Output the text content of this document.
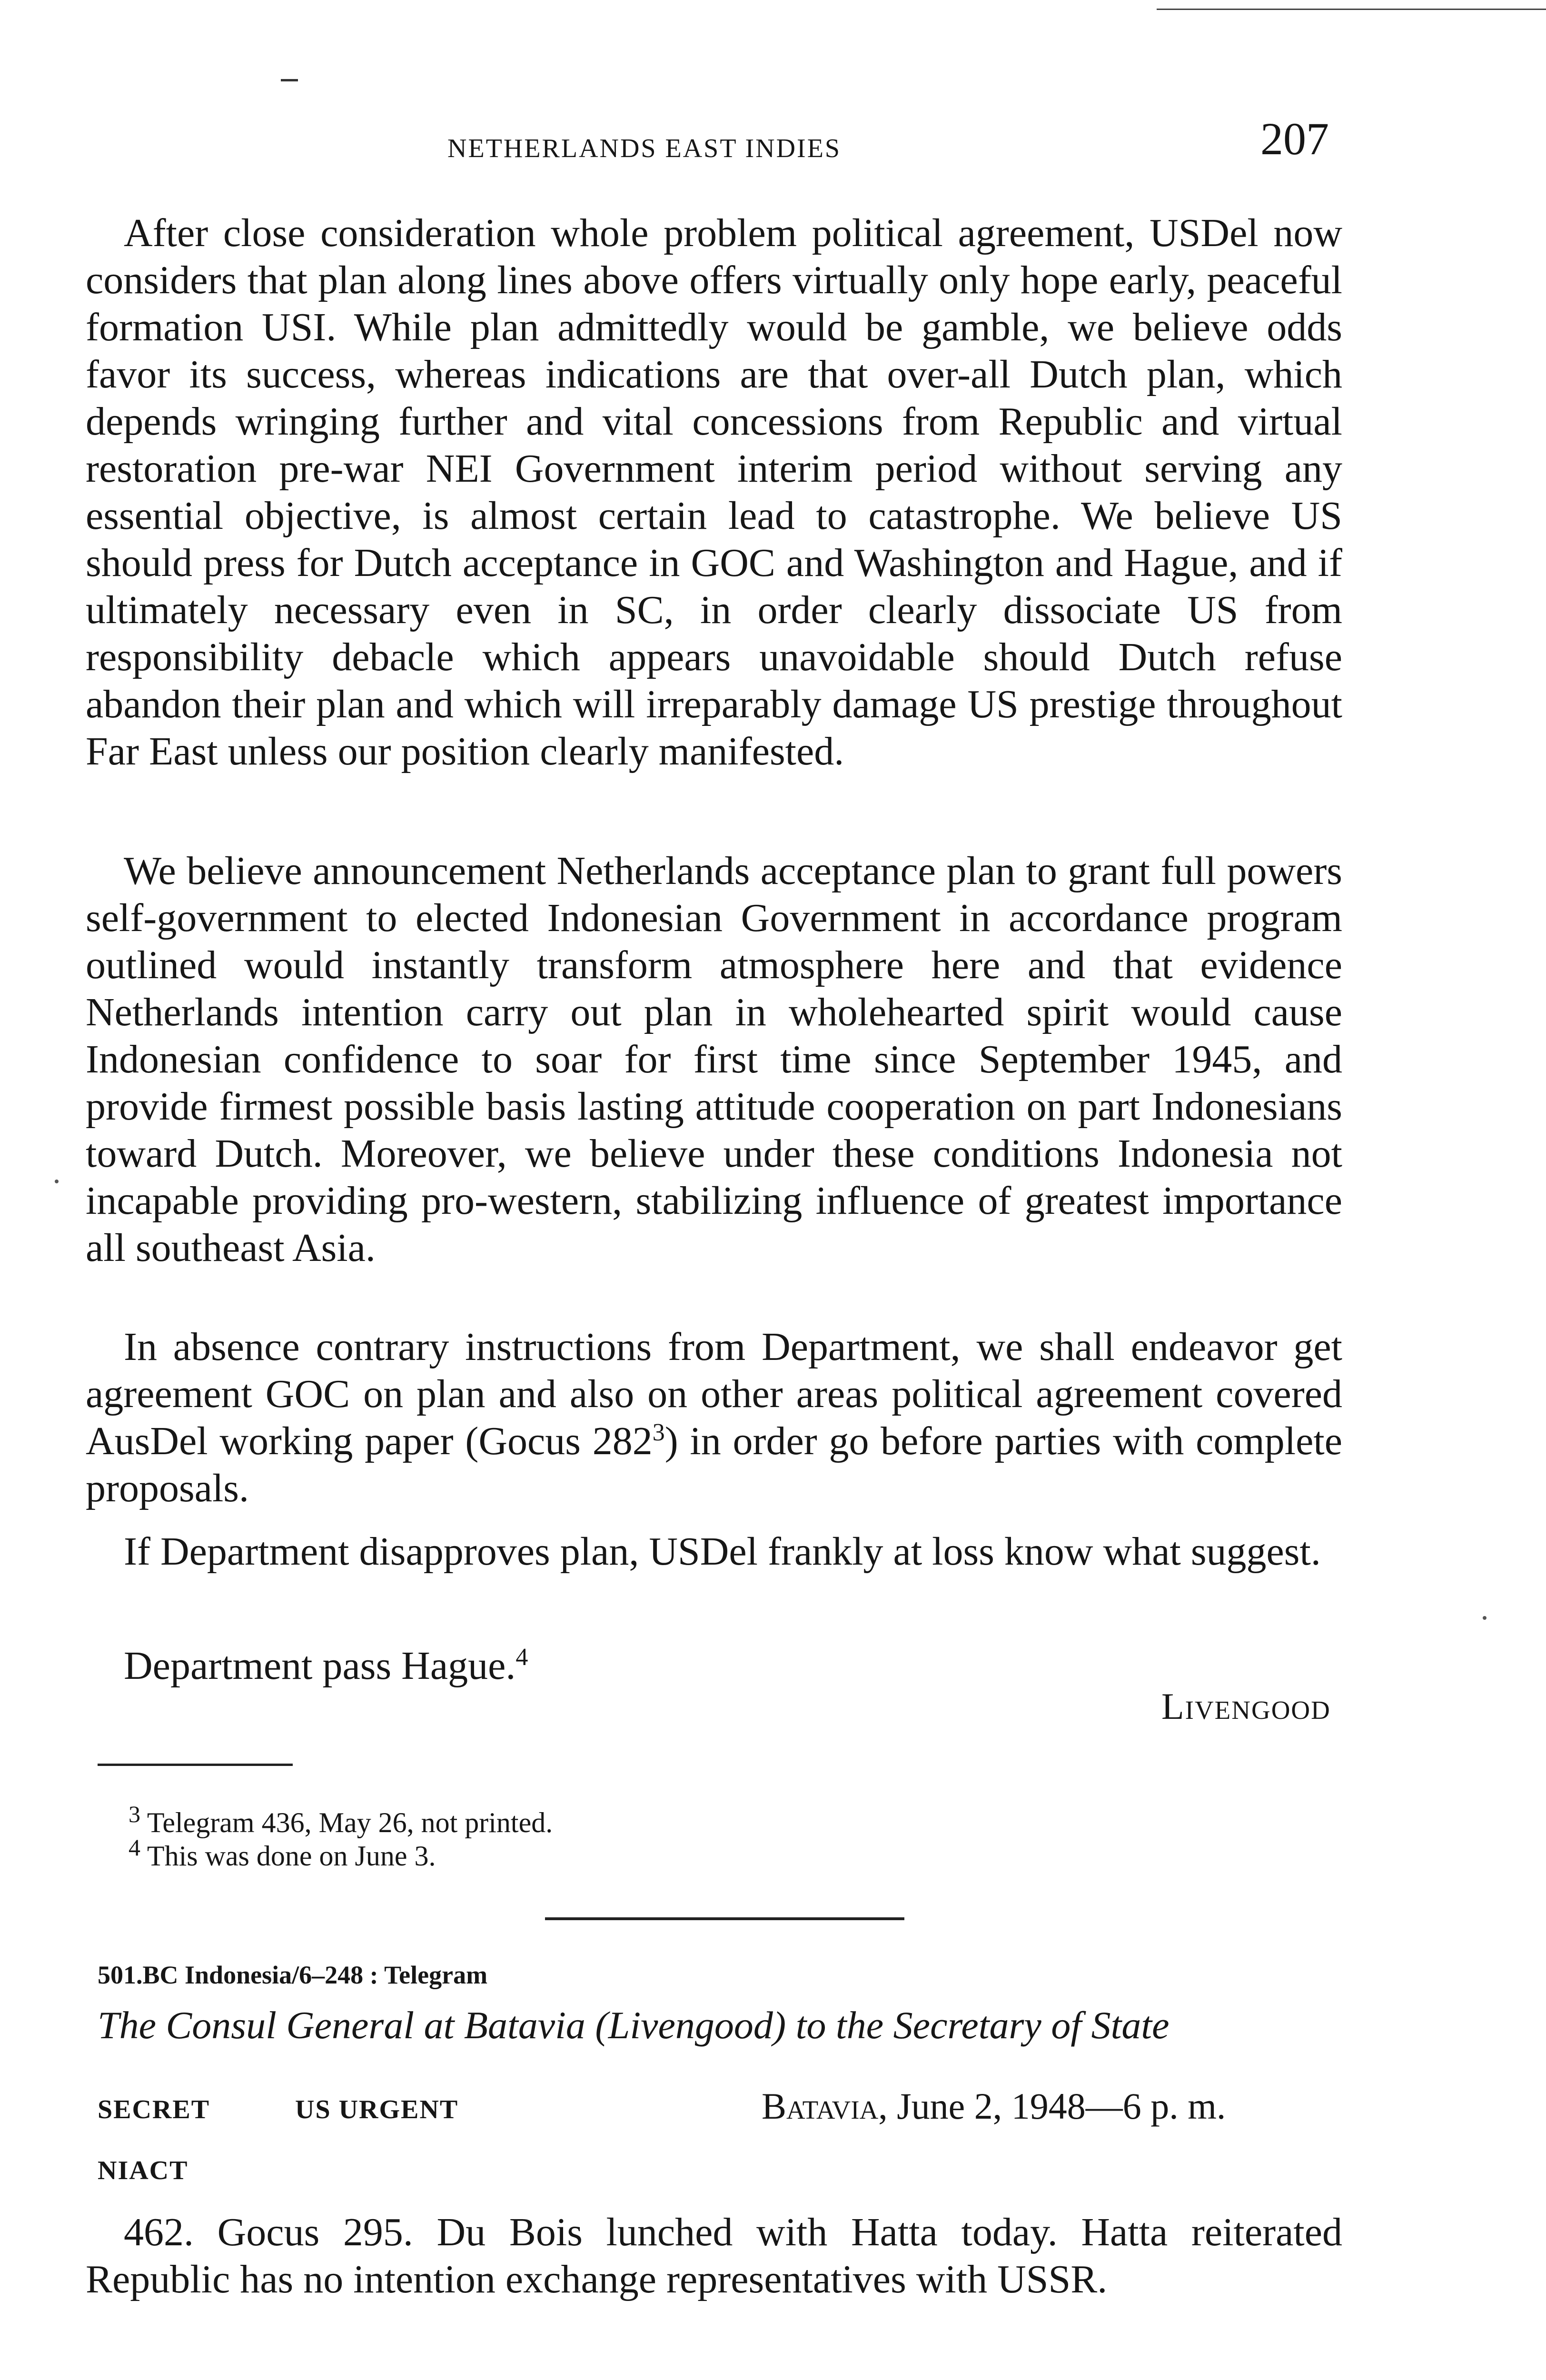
NETHERLANDS EAST INDIES	207

After close consideration whole problem political agreement, USDel now considers that plan along lines above offers virtually only hope early, peaceful formation USI. While plan admittedly would be gamble, we believe odds favor its success, whereas indications are that over-all Dutch plan, which depends wringing further and vital concessions from Republic and virtual restoration pre-war NEI Government interim period without serving any essential objective, is almost certain lead to catastrophe. We believe US should press for Dutch acceptance in GOC and Washington and Hague, and if ultimately necessary even in SC, in order clearly dissociate US from responsibility debacle which appears unavoidable should Dutch refuse abandon their plan and which will irreparably damage US prestige throughout Far East unless our position clearly manifested.

We believe announcement Netherlands acceptance plan to grant full powers self-government to elected Indonesian Government in accordance program outlined would instantly transform atmosphere here and that evidence Netherlands intention carry out plan in wholehearted spirit would cause Indonesian confidence to soar for first time since September 1945, and provide firmest possible basis lasting attitude cooperation on part Indonesians toward Dutch. Moreover, we believe under these conditions Indonesia not incapable providing pro-western, stabilizing influence of greatest importance all southeast Asia.

In absence contrary instructions from Department, we shall endeavor get agreement GOC on plan and also on other areas political agreement covered AusDel working paper (Gocus 282$^3$) in order go before parties with complete proposals.

If Department disapproves plan, USDel frankly at loss know what suggest.

Department pass Hague.$^4$

Livengood
$^3$ Telegram 436, May 26, not printed.
$^4$ This was done on June 3.
501.BC Indonesia/6–248 : Telegram
The Consul General at Batavia (Livengood) to the Secretary of State
SECRET	US URGENT	Batavia, June 2, 1948—6 p. m.
NIACT

462. Gocus 295. Du Bois lunched with Hatta today. Hatta reiterated Republic has no intention exchange representatives with USSR.
